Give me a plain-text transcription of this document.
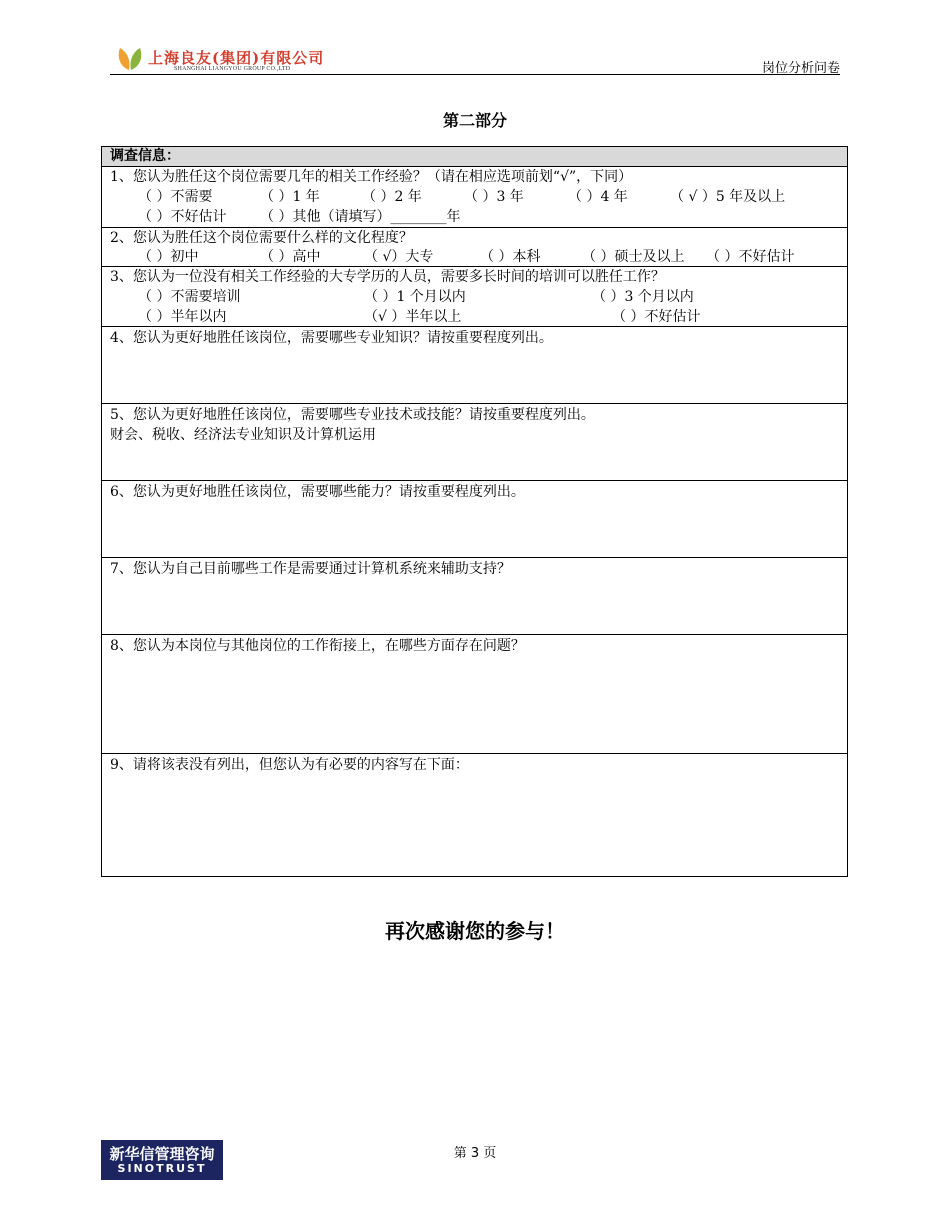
上海良友(集团)有限公司
SHANGHAI LIANGYOU GROUP CO.,LTD	岗位分析问卷
第二部分
调查信息：
1、您认为胜任这个岗位需要几年的相关工作经验？（请在相应选项前划“√”，下同）
（ ）不需要	（ ）1 年	（ ）2 年	（ ）3 年	（ ）4 年	（ √ ）5 年及以上
（ ）不好估计 （ ）其他（请填写）________年
2、您认为胜任这个岗位需要什么样的文化程度？
（ ）初中	（ ）高中	（ √）大专	（ ）本科	（ ）硕士及以上 （ ）不好估计
3、您认为一位没有相关工作经验的大专学历的人员，需要多长时间的培训可以胜任工作？
（ ）不需要培训	（ ）1 个月以内	（ ）3 个月以内
（ ）半年以内	（√ ）半年以上	（ ）不好估计
4、您认为更好地胜任该岗位，需要哪些专业知识？请按重要程度列出。
5、您认为更好地胜任该岗位，需要哪些专业技术或技能？请按重要程度列出。
财会、税收、经济法专业知识及计算机运用
6、您认为更好地胜任该岗位，需要哪些能力？请按重要程度列出。
7、您认为自己目前哪些工作是需要通过计算机系统来辅助支持？
8、您认为本岗位与其他岗位的工作衔接上，在哪些方面存在问题？
9、请将该表没有列出，但您认为有必要的内容写在下面：
再次感谢您的参与！
新华信管理咨询
SINOTRUST
第 3 页
